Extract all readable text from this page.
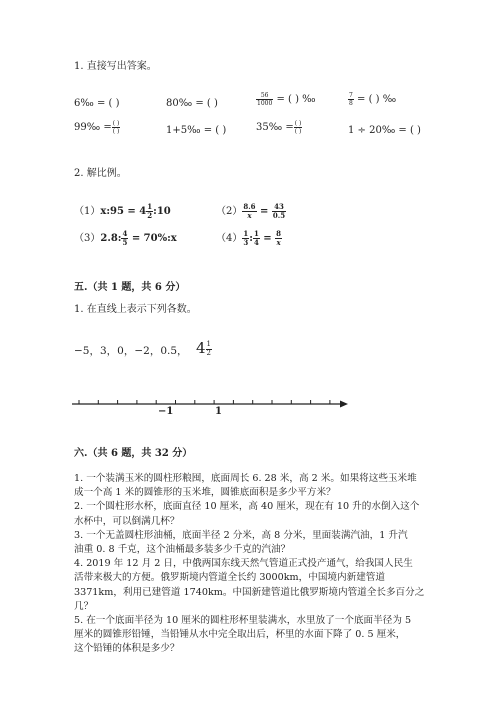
1. 直接写出答案。
6‰ = ( )	80‰ = ( )	$\frac{56}{1000}$ = ( ) ‰	$\frac{7}{8}$ = ( ) ‰
99‰ = $\frac{( )}{( )}$	1+5‰ = ( )	35‰ = $\frac{( )}{( )}$	1 ÷ 20‰ = ( )
2. 解比例。
（1）x:95 = $4 \frac{1}{2}$ :10	$(2) \frac{8.6}{x} = \frac{43}{0.5}$
（3）2.8: $\frac{4}{5}$ = 70%:x	$(4) \frac{1}{3}$ : $\frac{1}{4} = \frac{8}{x}$
五.（共 1 题，共 6 分）
1. 在直线上表示下列各数。
−5，3，0，−2，0.5， $4 \frac{1}{2}$
−1	1
六.（共 6 题，共 32 分）
1. 一个装满玉米的圆柱形粮囤，底面周长 6. 28 米，高 2 米。如果将这些玉米堆
成一个高 1 米的圆锥形的玉米堆，圆锥底面积是多少平方米？
2. 一个圆柱形水杯，底面直径 10 厘米，高 40 厘米，现在有 10 升的水倒入这个
水杯中，可以倒满几杯？
3. 一个无盖圆柱形油桶，底面半径 2 分米，高 8 分米，里面装满汽油，1 升汽
油重 0. 8 千克，这个油桶最多装多少千克的汽油？
4. 2019 年 12 月 2 日，中俄两国东线天然气管道正式投产通气，给我国人民生
活带来极大的方便。俄罗斯境内管道全长约 3000km，中国境内新建管道
3371km，利用已建管道 1740km。中国新建管道比俄罗斯境内管道全长多百分之
几？
5. 在一个底面半径为 10 厘米的圆柱形杯里装满水，水里放了一个底面半径为 5
厘米的圆锥形铅锤，当铅锤从水中完全取出后，杯里的水面下降了 0. 5 厘米，
这个铅锤的体积是多少？
